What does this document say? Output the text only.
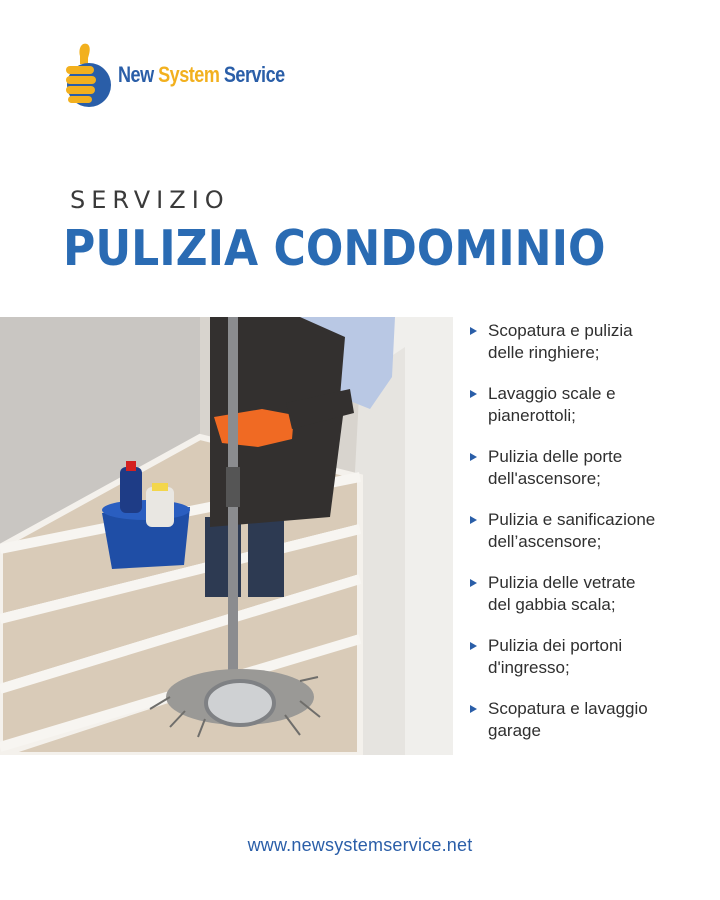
New System Service
SERVIZIO
PULIZIA CONDOMINIO
Scopatura e pulizia
delle ringhiere;
Lavaggio scale e
pianerottoli;
Pulizia delle porte
dell'ascensore;
Pulizia e sanificazione
dell’ascensore;
Pulizia delle vetrate
del gabbia scala;
Pulizia dei portoni
d'ingresso;
Scopatura e lavaggio
garage
www.newsystemservice.net
